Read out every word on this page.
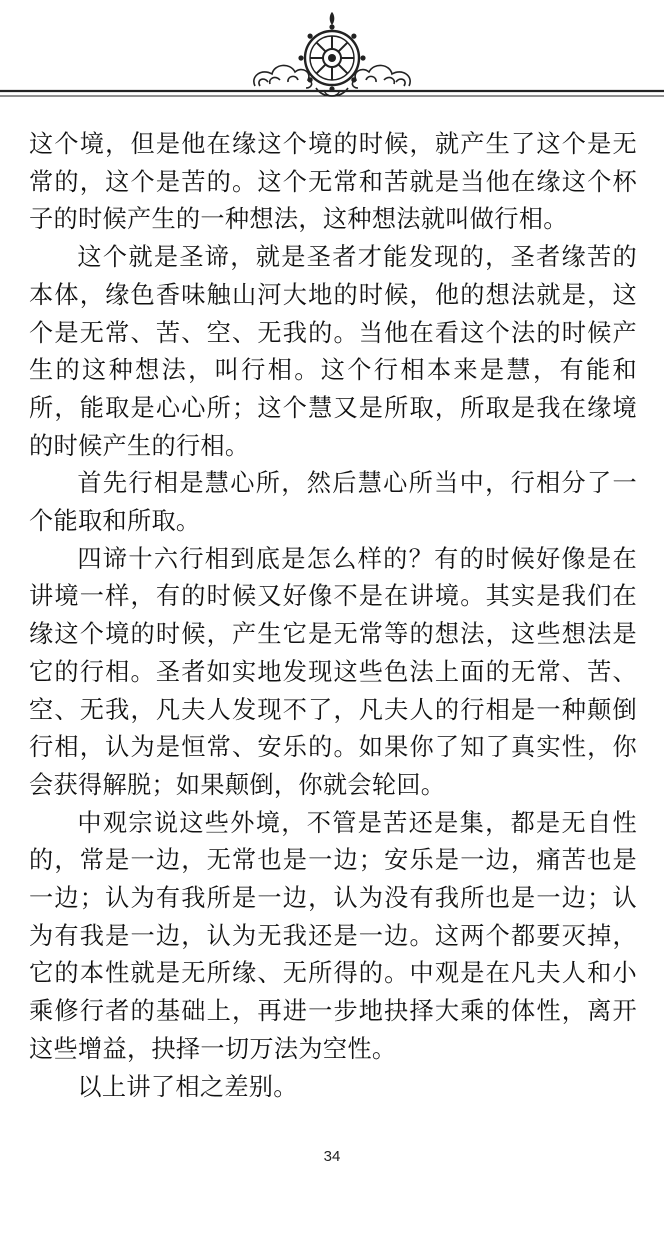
这个境，但是他在缘这个境的时候，就产生了这个是无常的，这个是苦的。这个无常和苦就是当他在缘这个杯子的时候产生的一种想法，这种想法就叫做行相。

这个就是圣谛，就是圣者才能发现的，圣者缘苦的本体，缘色香味触山河大地的时候，他的想法就是，这个是无常、苦、空、无我的。当他在看这个法的时候产生的这种想法，叫行相。这个行相本来是慧，有能和所，能取是心心所；这个慧又是所取，所取是我在缘境的时候产生的行相。

首先行相是慧心所，然后慧心所当中，行相分了一个能取和所取。

四谛十六行相到底是怎么样的？有的时候好像是在讲境一样，有的时候又好像不是在讲境。其实是我们在缘这个境的时候，产生它是无常等的想法，这些想法是它的行相。圣者如实地发现这些色法上面的无常、苦、空、无我，凡夫人发现不了，凡夫人的行相是一种颠倒行相，认为是恒常、安乐的。如果你了知了真实性，你会获得解脱；如果颠倒，你就会轮回。

中观宗说这些外境，不管是苦还是集，都是无自性的，常是一边，无常也是一边；安乐是一边，痛苦也是一边；认为有我所是一边，认为没有我所也是一边；认为有我是一边，认为无我还是一边。这两个都要灭掉，它的本性就是无所缘、无所得的。中观是在凡夫人和小乘修行者的基础上，再进一步地抉择大乘的体性，离开这些增益，抉择一切万法为空性。

以上讲了相之差别。

34
